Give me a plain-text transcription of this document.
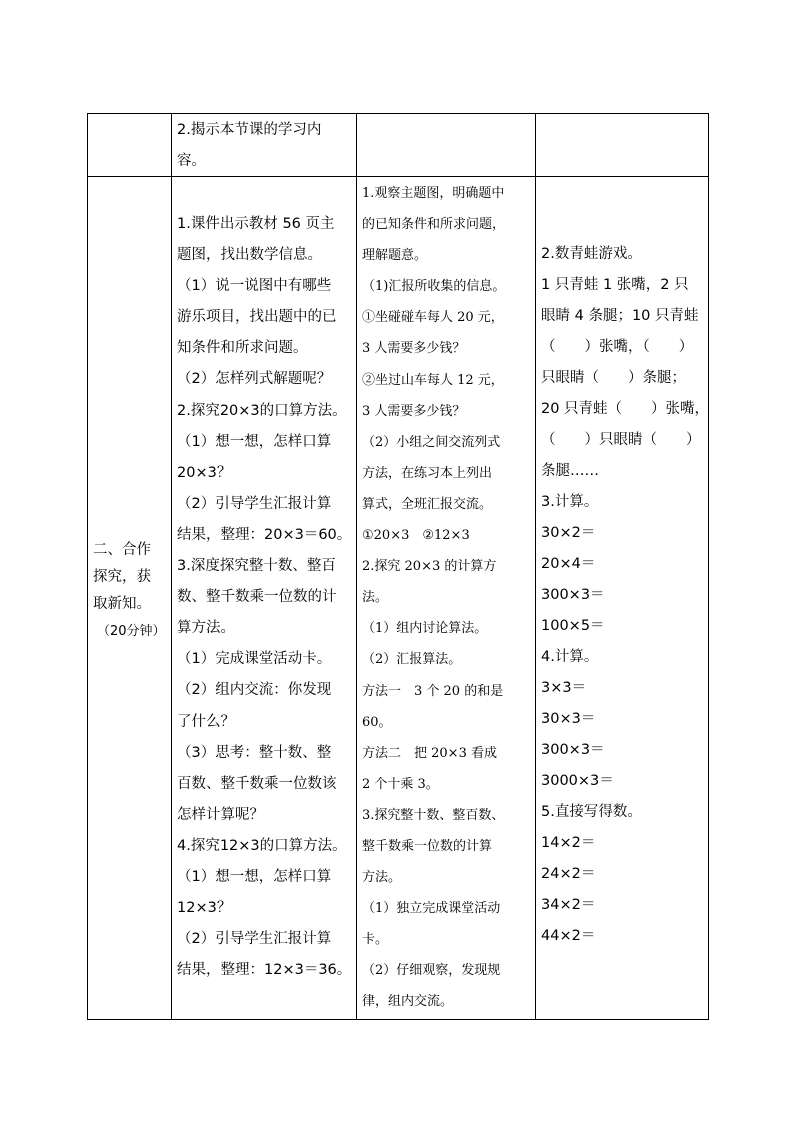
2.揭示本节课的学习内

容。

二、合作

探究，获

取新知。

（20分钟）

1.课件出示教材 56 页主

题图，找出数学信息。

（1）说一说图中有哪些

游乐项目，找出题中的已

知条件和所求问题。

（2）怎样列式解题呢？

2.探究20×3的口算方法。

（1）想一想，怎样口算

20×3？

（2）引导学生汇报计算

结果，整理：20×3＝60。

3.深度探究整十数、整百

数、整千数乘一位数的计

算方法。

（1）完成课堂活动卡。

（2）组内交流：你发现

了什么？

（3）思考：整十数、整

百数、整千数乘一位数该

怎样计算呢？

4.探究12×3的口算方法。

（1）想一想，怎样口算

12×3？

（2）引导学生汇报计算

结果，整理：12×3＝36。

1.观察主题图，明确题中

的已知条件和所求问题，

理解题意。

（1)汇报所收集的信息。

①坐碰碰车每人 20 元，

3 人需要多少钱？

②坐过山车每人 12 元，

3 人需要多少钱？

（2）小组之间交流列式

方法，在练习本上列出

算式，全班汇报交流。

①20×3　②12×3

2.探究 20×3 的计算方

法。

（1）组内讨论算法。

（2）汇报算法。

方法一　3 个 20 的和是

60。

方法二　把 20×3 看成

2 个十乘 3。

3.探究整十数、整百数、

整千数乘一位数的计算

方法。

（1）独立完成课堂活动

卡。

（2）仔细观察，发现规

律，组内交流。

2.数青蛙游戏。

1 只青蛙 1 张嘴，2 只

眼睛 4 条腿；10 只青蛙

（　　）张嘴，（　　）

只眼睛（　　）条腿；

20 只青蛙（　　）张嘴，

（　　）只眼睛（　　）

条腿……

3.计算。

30×2＝

20×4＝

300×3＝

100×5＝

4.计算。

3×3＝

30×3＝

300×3＝

3000×3＝

5.直接写得数。

14×2＝

24×2＝

34×2＝

44×2＝
